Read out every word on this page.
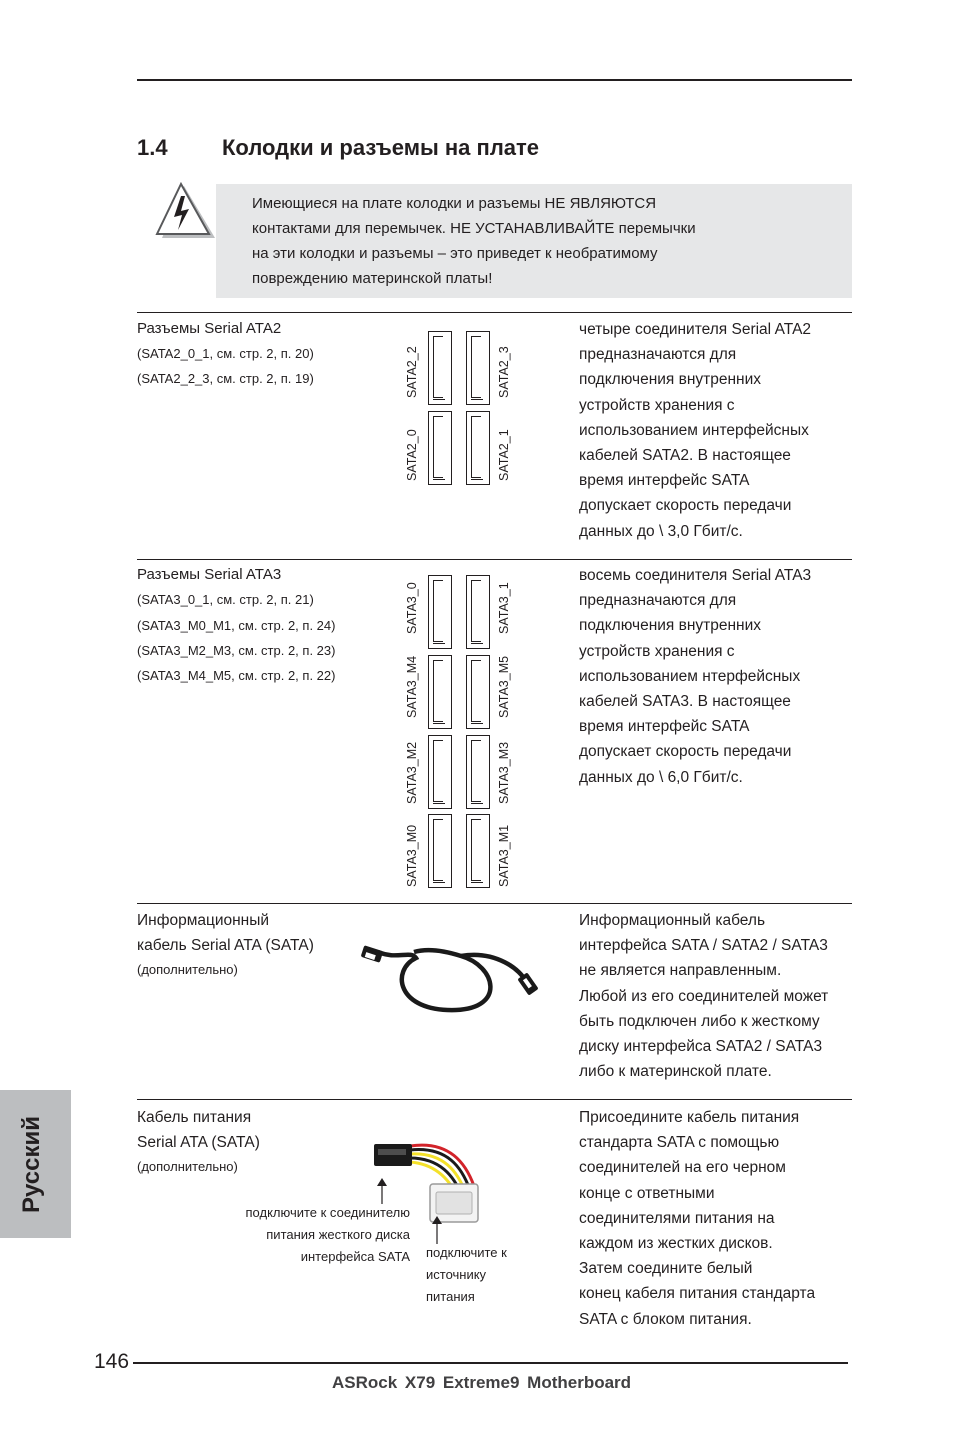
1.4 Колодки и разъемы на плате
Имеющиеся на плате колодки и разъемы НЕ ЯВЛЯЮТСЯ
контактами для перемычек. НЕ УСТАНАВЛИВАЙТЕ перемычки
на эти колодки и разъемы – это приведет к необратимому
повреждению материнской платы!
Разъемы Serial ATA2
(SATA2_0_1, см. стр. 2, п. 20)
(SATA2_2_3, см. стр. 2, п. 19)	SATA2_2	SATA2_3
SATA2_0	SATA2_1
четыре соединителя Serial ATA2
предназначаются для
подключения внутренних
устройств хранения с
использованием интерфейсных
кабелей SATA2. В настоящее
время интерфейс SATA
допускает скорость передачи
данных до \ 3,0 Гбит/с.
Разъемы Serial ATA3
(SATA3_0_1, см. стр. 2, п. 21)
(SATA3_M0_M1, см. стр. 2, п. 24)
(SATA3_M2_M3, см. стр. 2, п. 23)
(SATA3_M4_M5, см. стр. 2, п. 22)
SATA3_0
SATA3_M4
SATA3_M2
SATA3_M0
SATA3_1
SATA3_M5
SATA3_M3
SATA3_M1
восемь соединителя Serial ATA3
предназначаются для
подключения внутренних
устройств хранения с
использованием нтерфейсных
кабелей SATA3. В настоящее
время интерфейс SATA
допускает скорость передачи
данных до \ 6,0 Гбит/с.
Информационный
кабель Serial ATA (SATA)
(дополнительно)
Информационный кабель
интерфейса SATA / SATA2 / SATA3
не является направленным.
Любой из его соединителей может
быть подключен либо к жесткому
диску интерфейса SATA2 / SATA3
либо к материнской плате.
Кабель питания
Serial ATA (SATA)
(дополнительно)
подключите к соединителю
питания жесткого диска
интерфейса SATA подключите к
источнику
питания
Присоедините кабель питания
стандарта SATA с помощью
соединителей на его черном
конце с ответными
соединителями питания на
каждом из жестких дисков.
Затем соедините белый
конец кабеля питания стандарта
SATA с блоком питания.
Русский
146
ASRock X79 Extreme9 Motherboard
